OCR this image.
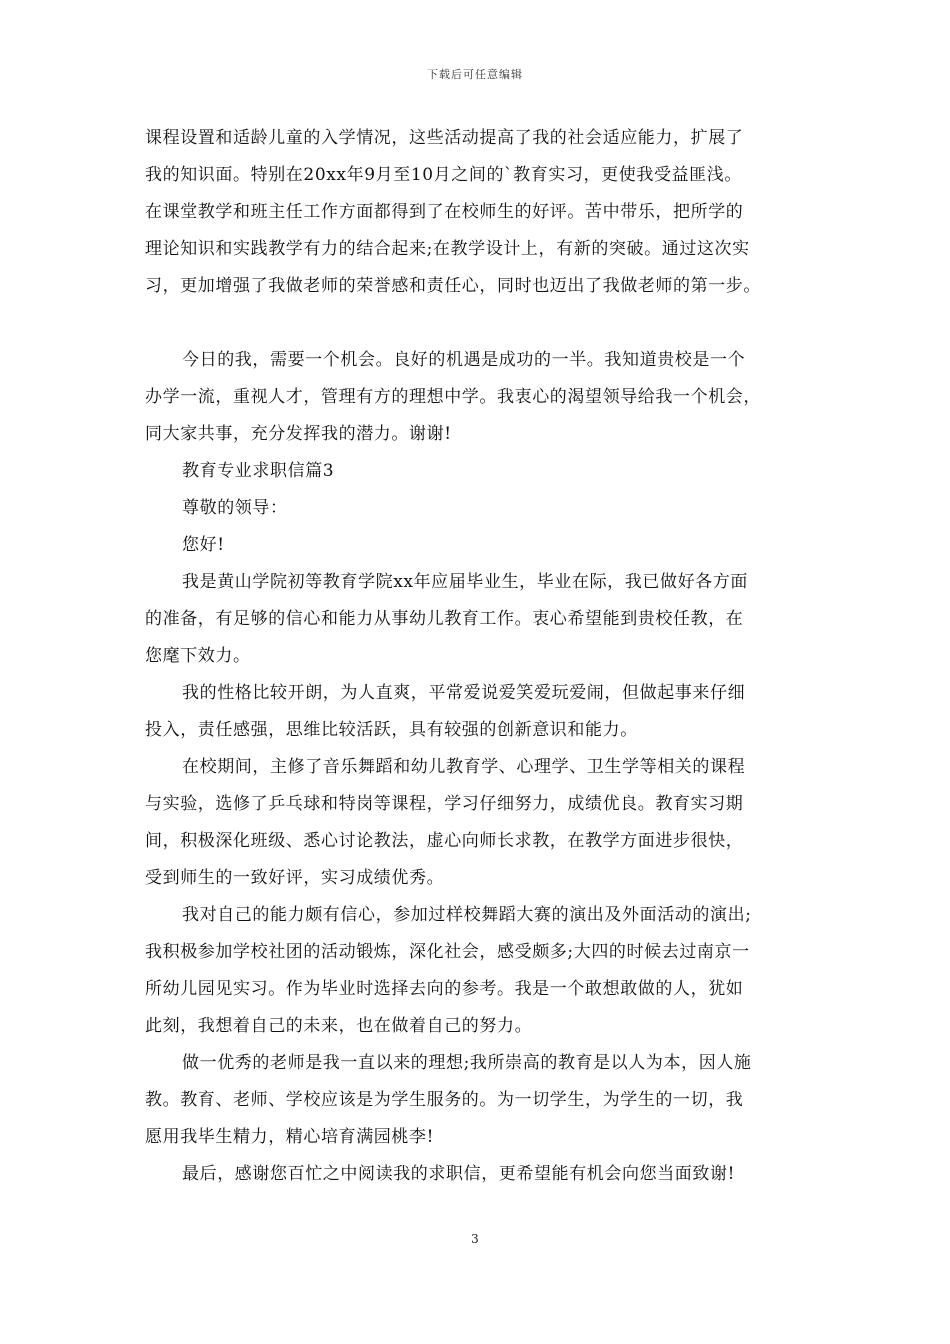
下载后可任意编辑
课程设置和适龄儿童的入学情况，这些活动提高了我的社会适应能力，扩展了
我的知识面。特别在20xx年9月至10月之间的`教育实习，更使我受益匪浅。
在课堂教学和班主任工作方面都得到了在校师生的好评。苦中带乐，把所学的
理论知识和实践教学有力的结合起来;在教学设计上，有新的突破。通过这次实
习，更加增强了我做老师的荣誉感和责任心，同时也迈出了我做老师的第一步。
今日的我，需要一个机会。良好的机遇是成功的一半。我知道贵校是一个
办学一流，重视人才，管理有方的理想中学。我衷心的渴望领导给我一个机会，
同大家共事，充分发挥我的潜力。谢谢!
教育专业求职信篇3
尊敬的领导：
您好!
我是黄山学院初等教育学院xx年应届毕业生，毕业在际，我已做好各方面
的准备，有足够的信心和能力从事幼儿教育工作。衷心希望能到贵校任教，在
您麾下效力。
我的性格比较开朗，为人直爽，平常爱说爱笑爱玩爱闹，但做起事来仔细
投入，责任感强，思维比较活跃，具有较强的创新意识和能力。
在校期间，主修了音乐舞蹈和幼儿教育学、心理学、卫生学等相关的课程
与实验，选修了乒乓球和特岗等课程，学习仔细努力，成绩优良。教育实习期
间，积极深化班级、悉心讨论教法，虚心向师长求教，在教学方面进步很快，
受到师生的一致好评，实习成绩优秀。
我对自己的能力颇有信心，参加过样校舞蹈大赛的演出及外面活动的演出;
我积极参加学校社团的活动锻炼，深化社会，感受颇多;大四的时候去过南京一
所幼儿园见实习。作为毕业时选择去向的参考。我是一个敢想敢做的人，犹如
此刻，我想着自己的未来，也在做着自己的努力。
做一优秀的老师是我一直以来的理想;我所崇高的教育是以人为本，因人施
教。教育、老师、学校应该是为学生服务的。为一切学生，为学生的一切，我
愿用我毕生精力，精心培育满园桃李!
最后，感谢您百忙之中阅读我的求职信，更希望能有机会向您当面致谢!
3
